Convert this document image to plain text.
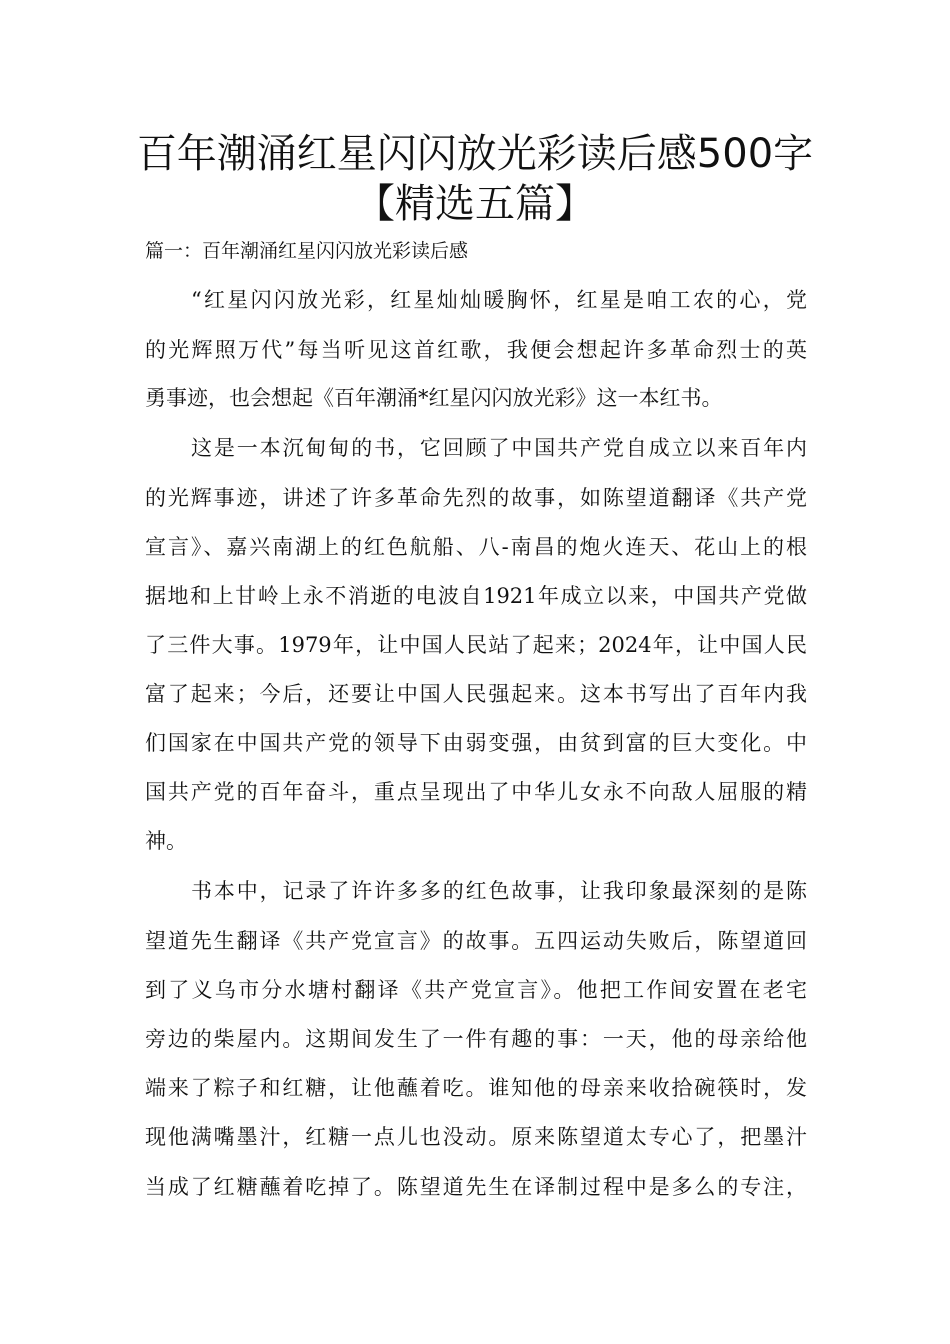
百年潮涌红星闪闪放光彩读后感500字
【精选五篇】
篇一：百年潮涌红星闪闪放光彩读后感
“红星闪闪放光彩，红星灿灿暖胸怀，红星是咱工农的心，党
的光辉照万代”每当听见这首红歌，我便会想起许多革命烈士的英
勇事迹，也会想起《百年潮涌*红星闪闪放光彩》这一本红书。
这是一本沉甸甸的书，它回顾了中国共产党自成立以来百年内
的光辉事迹，讲述了许多革命先烈的故事，如陈望道翻译《共产党
宣言》、嘉兴南湖上的红色航船、八-南昌的炮火连天、花山上的根
据地和上甘岭上永不消逝的电波自1921年成立以来，中国共产党做
了三件大事。1979年，让中国人民站了起来；2024年，让中国人民
富了起来；今后，还要让中国人民强起来。这本书写出了百年内我
们国家在中国共产党的领导下由弱变强，由贫到富的巨大变化。中
国共产党的百年奋斗，重点呈现出了中华儿女永不向敌人屈服的精
神。
书本中，记录了许许多多的红色故事，让我印象最深刻的是陈
望道先生翻译《共产党宣言》的故事。五四运动失败后，陈望道回
到了义乌市分水塘村翻译《共产党宣言》。他把工作间安置在老宅
旁边的柴屋内。这期间发生了一件有趣的事：一天，他的母亲给他
端来了粽子和红糖，让他蘸着吃。谁知他的母亲来收拾碗筷时，发
现他满嘴墨汁，红糖一点儿也没动。原来陈望道太专心了，把墨汁
当成了红糖蘸着吃掉了。陈望道先生在译制过程中是多么的专注，
